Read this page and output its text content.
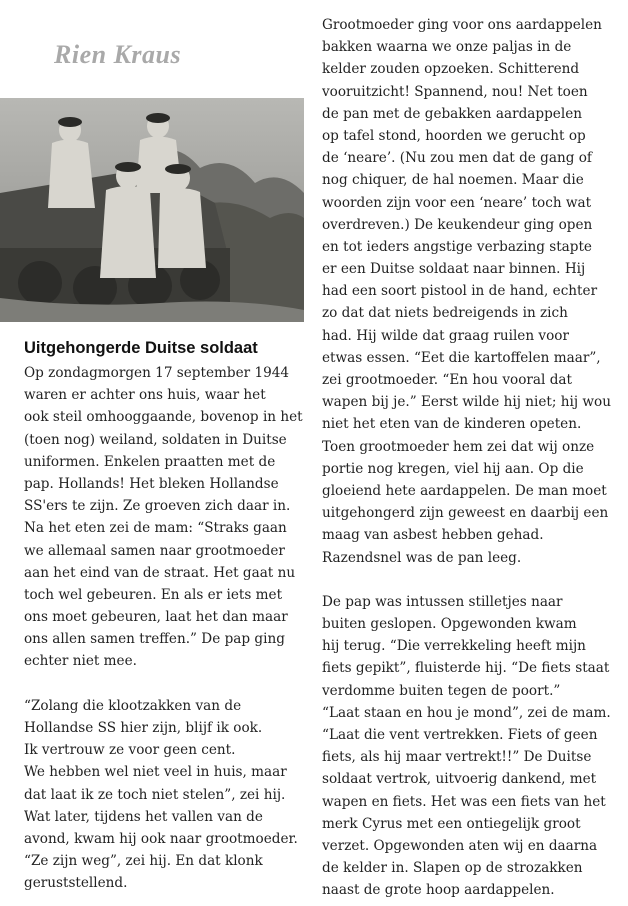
Rien Kraus
Uitgehongerde Duitse soldaat
Op zondagmorgen 17 september 1944
waren er achter ons huis, waar het
ook steil omhooggaande, bovenop in het
(toen nog) weiland, soldaten in Duitse
uniformen. Enkelen praatten met de
pap. Hollands! Het bleken Hollandse
SS'ers te zijn. Ze groeven zich daar in.
Na het eten zei de mam: “Straks gaan
we allemaal samen naar grootmoeder
aan het eind van de straat. Het gaat nu
toch wel gebeuren. En als er iets met
ons moet gebeuren, laat het dan maar
ons allen samen treffen.” De pap ging
echter niet mee.
“Zolang die klootzakken van de
Hollandse SS hier zijn, blijf ik ook.
Ik vertrouw ze voor geen cent.
We hebben wel niet veel in huis, maar
dat laat ik ze toch niet stelen”, zei hij.
Wat later, tijdens het vallen van de
avond, kwam hij ook naar grootmoeder.
“Ze zijn weg”, zei hij. En dat klonk
geruststellend.
Grootmoeder ging voor ons aardappelen
bakken waarna we onze paljas in de
kelder zouden opzoeken. Schitterend
vooruitzicht! Spannend, nou! Net toen
de pan met de gebakken aardappelen
op tafel stond, hoorden we gerucht op
de ‘neare’. (Nu zou men dat de gang of
nog chiquer, de hal noemen. Maar die
woorden zijn voor een ‘neare’ toch wat
overdreven.) De keukendeur ging open
en tot ieders angstige verbazing stapte
er een Duitse soldaat naar binnen. Hij
had een soort pistool in de hand, echter
zo dat dat niets bedreigends in zich
had. Hij wilde dat graag ruilen voor
etwas essen. “Eet die kartoffelen maar”,
zei grootmoeder. “En hou vooral dat
wapen bij je.” Eerst wilde hij niet; hij wou
niet het eten van de kinderen opeten.
Toen grootmoeder hem zei dat wij onze
portie nog kregen, viel hij aan. Op die
gloeiend hete aardappelen. De man moet
uitgehongerd zijn geweest en daarbij een
maag van asbest hebben gehad.
Razendsnel was de pan leeg.
De pap was intussen stilletjes naar
buiten geslopen. Opgewonden kwam
hij terug. “Die verrekkeling heeft mijn
fiets gepikt”, fluisterde hij. “De fiets staat
verdomme buiten tegen de poort.”
“Laat staan en hou je mond”, zei de mam.
“Laat die vent vertrekken. Fiets of geen
fiets, als hij maar vertrekt!!” De Duitse
soldaat vertrok, uitvoerig dankend, met
wapen en fiets. Het was een fiets van het
merk Cyrus met een ontiegelijk groot
verzet. Opgewonden aten wij en daarna
de kelder in. Slapen op de strozakken
naast de grote hoop aardappelen.
